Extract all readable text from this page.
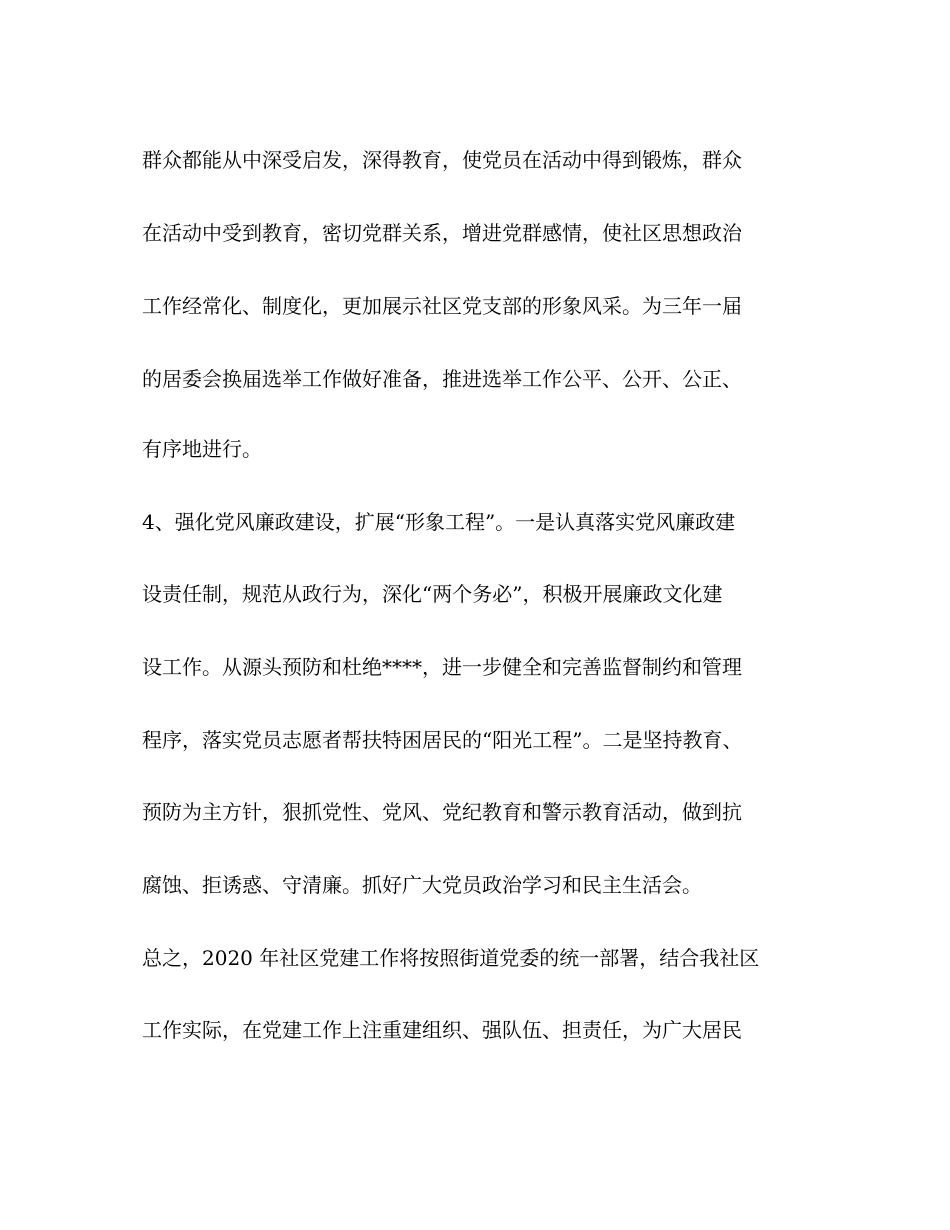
群众都能从中深受启发，深得教育，使党员在活动中得到锻炼，群众
在活动中受到教育，密切党群关系，增进党群感情，使社区思想政治
工作经常化、制度化，更加展示社区党支部的形象风采。为三年一届
的居委会换届选举工作做好准备，推进选举工作公平、公开、公正、
有序地进行。
4、强化党风廉政建设，扩展“形象工程”。一是认真落实党风廉政建
设责任制，规范从政行为，深化“两个务必”，积极开展廉政文化建
设工作。从源头预防和杜绝****，进一步健全和完善监督制约和管理
程序，落实党员志愿者帮扶特困居民的“阳光工程”。二是坚持教育、
预防为主方针，狠抓党性、党风、党纪教育和警示教育活动，做到抗
腐蚀、拒诱惑、守清廉。抓好广大党员政治学习和民主生活会。
总之，2020 年社区党建工作将按照街道党委的统一部署，结合我社区
工作实际，在党建工作上注重建组织、强队伍、担责任，为广大居民
